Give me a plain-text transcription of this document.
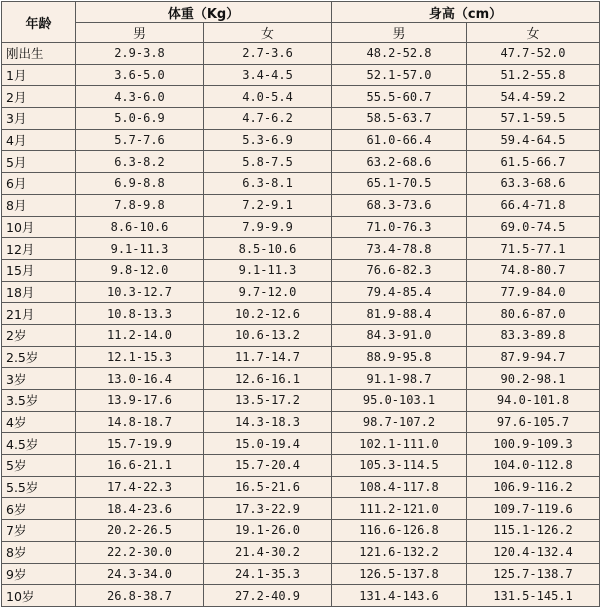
年龄	体重（Kg）		身高（cm）	
	男	女	男	女
刚出生	2.9-3.8	2.7-3.6	48.2-52.8	47.7-52.0
1月	3.6-5.0	3.4-4.5	52.1-57.0	51.2-55.8
2月	4.3-6.0	4.0-5.4	55.5-60.7	54.4-59.2
3月	5.0-6.9	4.7-6.2	58.5-63.7	57.1-59.5
4月	5.7-7.6	5.3-6.9	61.0-66.4	59.4-64.5
5月	6.3-8.2	5.8-7.5	63.2-68.6	61.5-66.7
6月	6.9-8.8	6.3-8.1	65.1-70.5	63.3-68.6
8月	7.8-9.8	7.2-9.1	68.3-73.6	66.4-71.8
10月	8.6-10.6	7.9-9.9	71.0-76.3	69.0-74.5
12月	9.1-11.3	8.5-10.6	73.4-78.8	71.5-77.1
15月	9.8-12.0	9.1-11.3	76.6-82.3	74.8-80.7
18月	10.3-12.7	9.7-12.0	79.4-85.4	77.9-84.0
21月	10.8-13.3	10.2-12.6	81.9-88.4	80.6-87.0
2岁	11.2-14.0	10.6-13.2	84.3-91.0	83.3-89.8
2.5岁	12.1-15.3	11.7-14.7	88.9-95.8	87.9-94.7
3岁	13.0-16.4	12.6-16.1	91.1-98.7	90.2-98.1
3.5岁	13.9-17.6	13.5-17.2	95.0-103.1	94.0-101.8
4岁	14.8-18.7	14.3-18.3	98.7-107.2	97.6-105.7
4.5岁	15.7-19.9	15.0-19.4	102.1-111.0	100.9-109.3
5岁	16.6-21.1	15.7-20.4	105.3-114.5	104.0-112.8
5.5岁	17.4-22.3	16.5-21.6	108.4-117.8	106.9-116.2
6岁	18.4-23.6	17.3-22.9	111.2-121.0	109.7-119.6
7岁	20.2-26.5	19.1-26.0	116.6-126.8	115.1-126.2
8岁	22.2-30.0	21.4-30.2	121.6-132.2	120.4-132.4
9岁	24.3-34.0	24.1-35.3	126.5-137.8	125.7-138.7
10岁	26.8-38.7	27.2-40.9	131.4-143.6	131.5-145.1
